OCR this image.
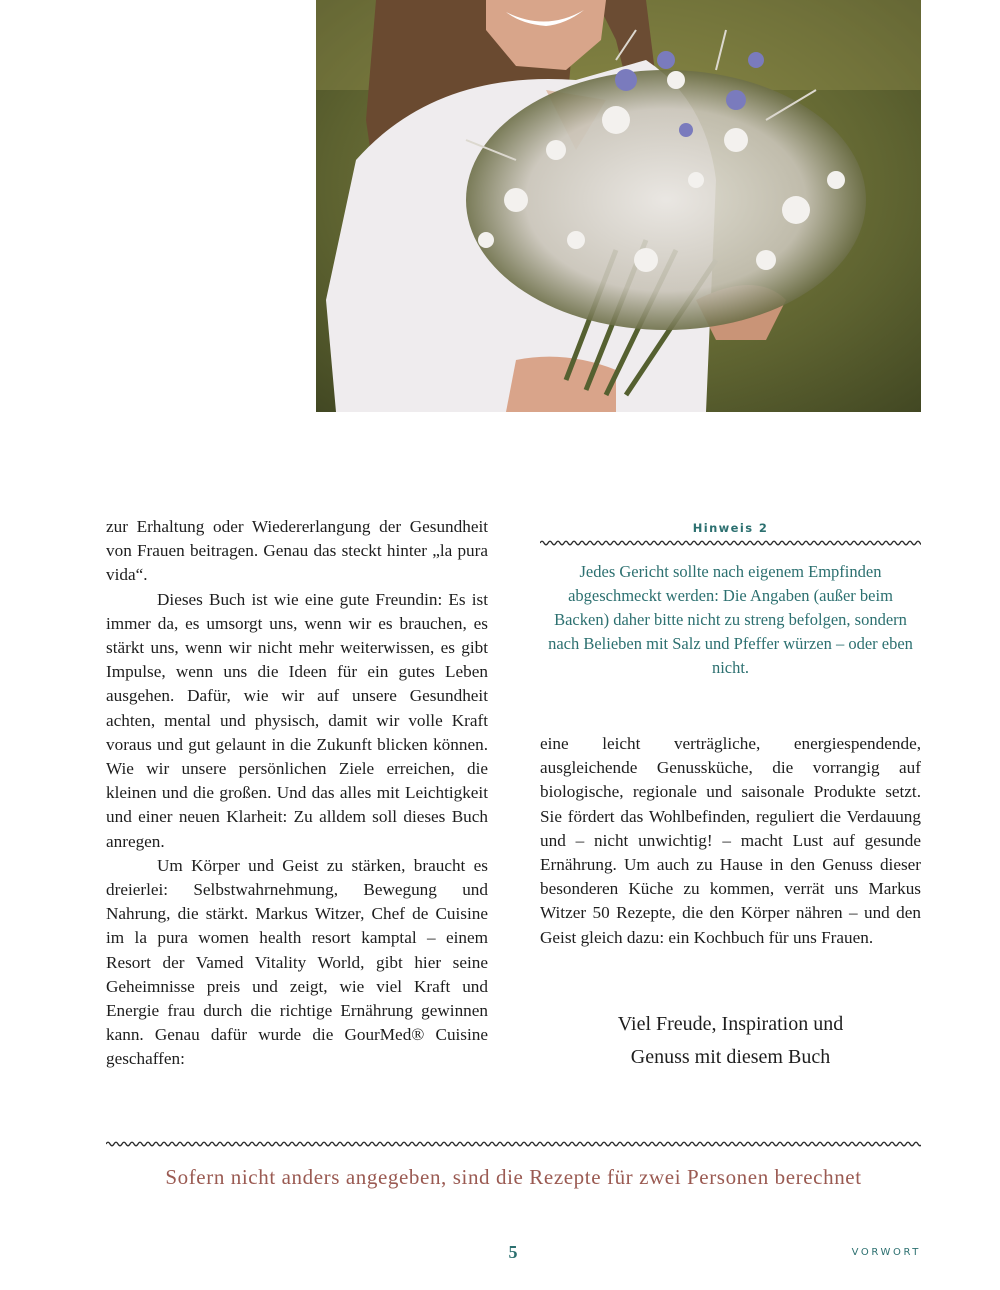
zur Erhaltung oder Wiedererlangung der Gesundheit von Frauen beitragen. Genau das steckt hinter „la pura vida“.

Dieses Buch ist wie eine gute Freundin: Es ist immer da, es umsorgt uns, wenn wir es brauchen, es stärkt uns, wenn wir nicht mehr weiterwissen, es gibt Impulse, wenn uns die Ideen für ein gutes Leben ausgehen. Dafür, wie wir auf unsere Gesundheit achten, mental und physisch, damit wir volle Kraft voraus und gut gelaunt in die Zukunft blicken können. Wie wir unsere persönlichen Ziele erreichen, die kleinen und die großen. Und das alles mit Leichtigkeit und einer neuen Klarheit: Zu alldem soll dieses Buch anregen.

Um Körper und Geist zu stärken, braucht es dreierlei: Selbstwahrnehmung, Bewegung und Nahrung, die stärkt. Markus Witzer, Chef de Cuisine im la pura women health resort kamptal – einem Resort der Vamed Vitality World, gibt hier seine Geheimnisse preis und zeigt, wie viel Kraft und Energie frau durch die richtige Ernährung gewinnen kann. Genau dafür wurde die GourMed® Cuisine geschaffen:

Hinweis 2
Jedes Gericht sollte nach eigenem Empfinden abgeschmeckt werden: Die Angaben (außer beim Backen) daher bitte nicht zu streng befolgen, sondern nach Belieben mit Salz und Pfeffer würzen – oder eben nicht.

eine leicht verträgliche, energiespendende, ausgleichende Genussküche, die vorrangig auf biologische, regionale und saisonale Produkte setzt. Sie fördert das Wohlbefinden, reguliert die Verdauung und – nicht unwichtig! – macht Lust auf gesunde Ernährung. Um auch zu Hause in den Genuss dieser besonderen Küche zu kommen, verrät uns Markus Witzer 50 Rezepte, die den Körper nähren – und den Geist gleich dazu: ein Kochbuch für uns Frauen.

Viel Freude, Inspiration und
Genuss mit diesem Buch
Sofern nicht anders angegeben, sind die Rezepte für zwei Personen berechnet
5	VORWORT
